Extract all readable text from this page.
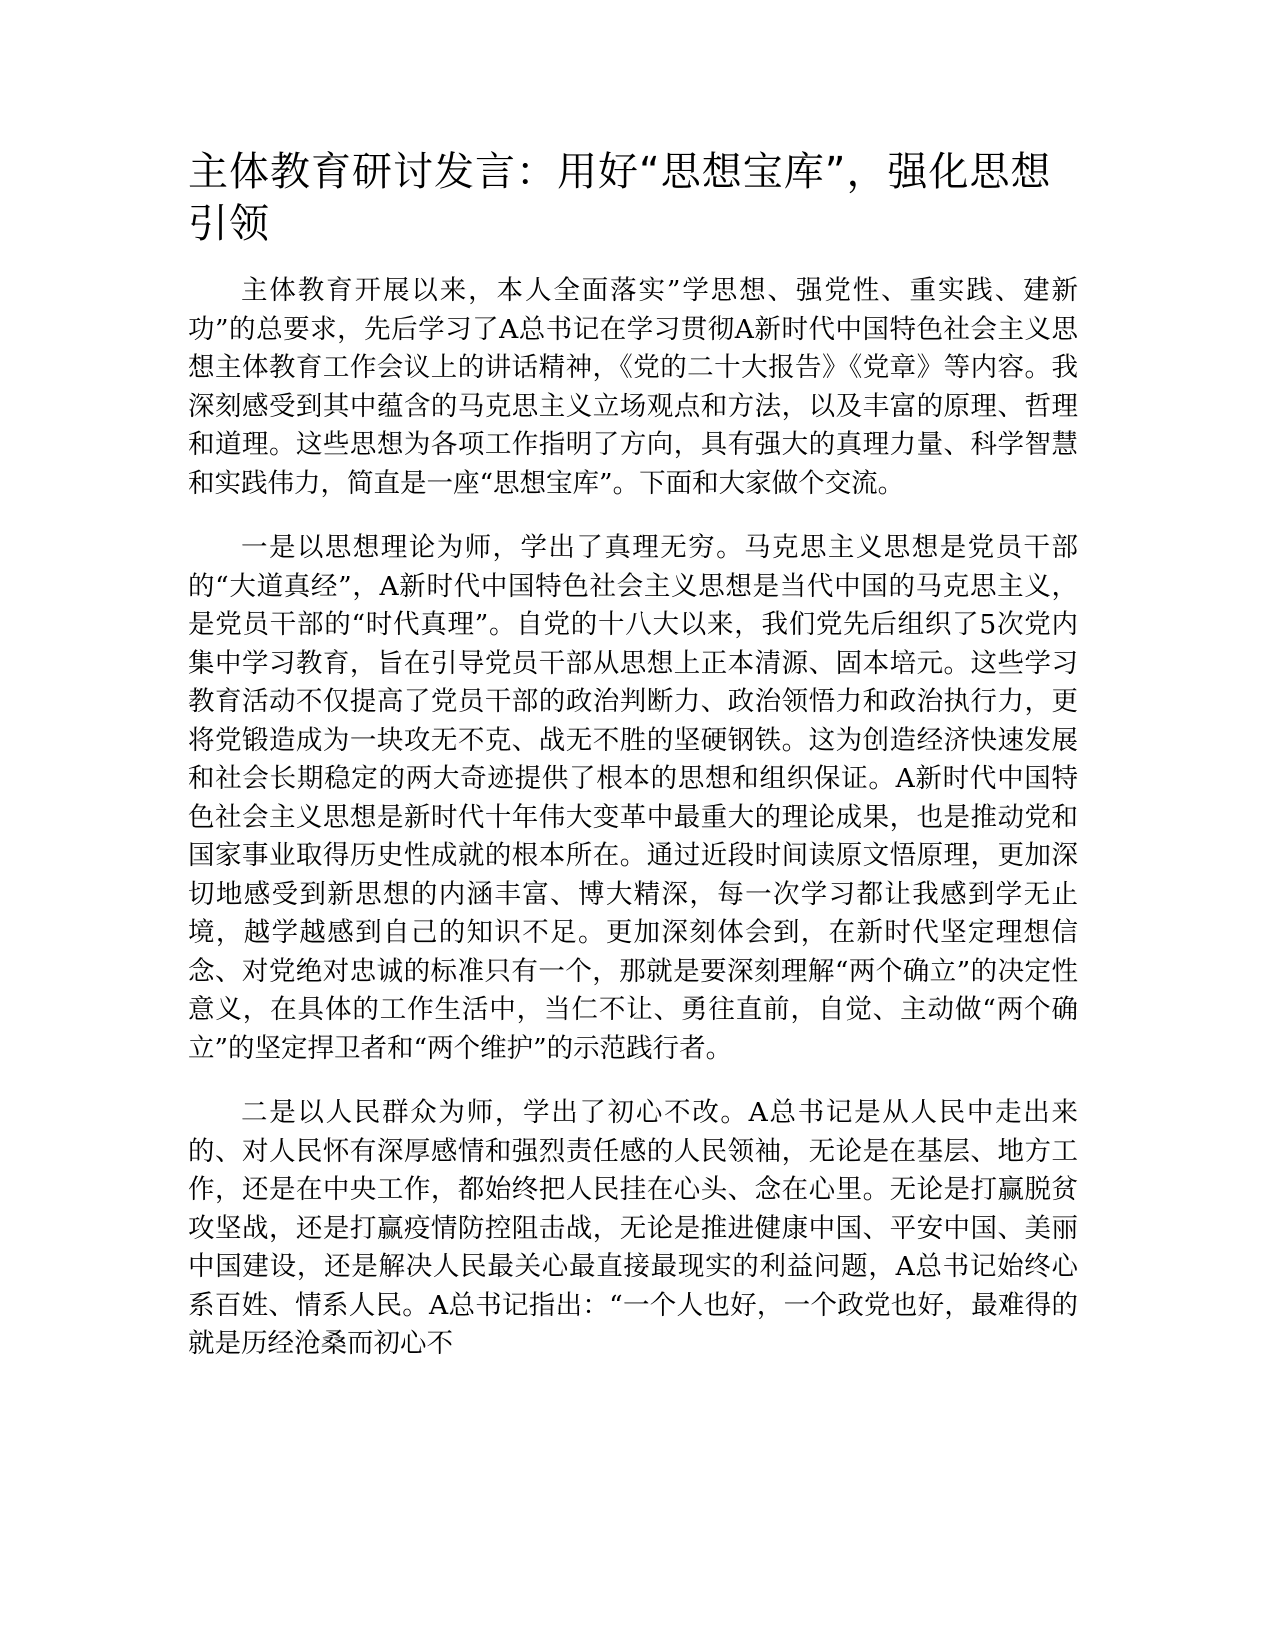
主体教育研讨发言：用好“思想宝库”，强化思想引领

主体教育开展以来，本人全面落实”学思想、强党性、重实践、建新功”的总要求，先后学习了A总书记在学习贯彻A新时代中国特色社会主义思想主体教育工作会议上的讲话精神，《党的二十大报告》《党章》等内容。我深刻感受到其中蕴含的马克思主义立场观点和方法，以及丰富的原理、哲理和道理。这些思想为各项工作指明了方向，具有强大的真理力量、科学智慧和实践伟力，简直是一座“思想宝库”。下面和大家做个交流。

一是以思想理论为师，学出了真理无穷。马克思主义思想是党员干部的“大道真经”，A新时代中国特色社会主义思想是当代中国的马克思主义，是党员干部的“时代真理”。自党的十八大以来，我们党先后组织了5次党内集中学习教育，旨在引导党员干部从思想上正本清源、固本培元。这些学习教育活动不仅提高了党员干部的政治判断力、政治领悟力和政治执行力，更将党锻造成为一块攻无不克、战无不胜的坚硬钢铁。这为创造经济快速发展和社会长期稳定的两大奇迹提供了根本的思想和组织保证。A新时代中国特色社会主义思想是新时代十年伟大变革中最重大的理论成果，也是推动党和国家事业取得历史性成就的根本所在。通过近段时间读原文悟原理，更加深切地感受到新思想的内涵丰富、博大精深，每一次学习都让我感到学无止境，越学越感到自己的知识不足。更加深刻体会到，在新时代坚定理想信念、对党绝对忠诚的标准只有一个，那就是要深刻理解“两个确立”的决定性意义，在具体的工作生活中，当仁不让、勇往直前，自觉、主动做“两个确立”的坚定捍卫者和“两个维护”的示范践行者。

二是以人民群众为师，学出了初心不改。A总书记是从人民中走出来的、对人民怀有深厚感情和强烈责任感的人民领袖，无论是在基层、地方工作，还是在中央工作，都始终把人民挂在心头、念在心里。无论是打赢脱贫攻坚战，还是打赢疫情防控阻击战，无论是推进健康中国、平安中国、美丽中国建设，还是解决人民最关心最直接最现实的利益问题，A总书记始终心系百姓、情系人民。A总书记指出：“一个人也好，一个政党也好，最难得的就是历经沧桑而初心不
